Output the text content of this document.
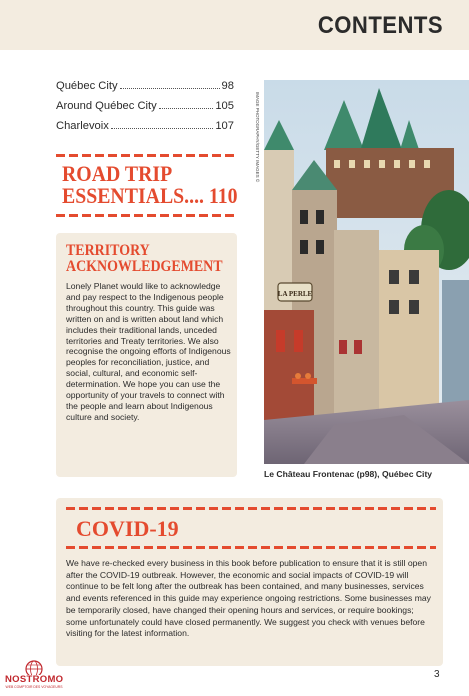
CONTENTS
Québec City	98
Around Québec City	105
Charlevoix	107
ROAD TRIP
ESSENTIALS.... 110
TERRITORY
ACKNOWLEDGEMENT
Lonely Planet would like to acknowledge and pay respect to the Indigenous people throughout this country. This guide was written on and is written about land which includes their traditional lands, unceded territories and Treaty territories. We also recognise the ongoing efforts of Indigenous peoples for reconciliation, justice, and social, cultural, and economic self-determination. We hope you can use the opportunity of your travels to connect with the people and learn about Indigenous culture and society.
IMAGE PHOTOGRAPHY/GETTY IMAGES ©
LA PERLE
Le Château Frontenac (p98), Québec City
COVID-19
We have re-checked every business in this book before publication to ensure that it is still open after the COVID-19 outbreak. However, the economic and social impacts of COVID-19 will continue to be felt long after the outbreak has been contained, and many businesses, services and events referenced in this guide may experience ongoing restrictions. Some businesses may be temporarily closed, have changed their opening hours and services, or require bookings; some unfortunately could have closed permanently. We suggest you check with venues before visiting for the latest information.
NOSTROMO
WEB COMPTOIR DES VOYAGEURS
3
